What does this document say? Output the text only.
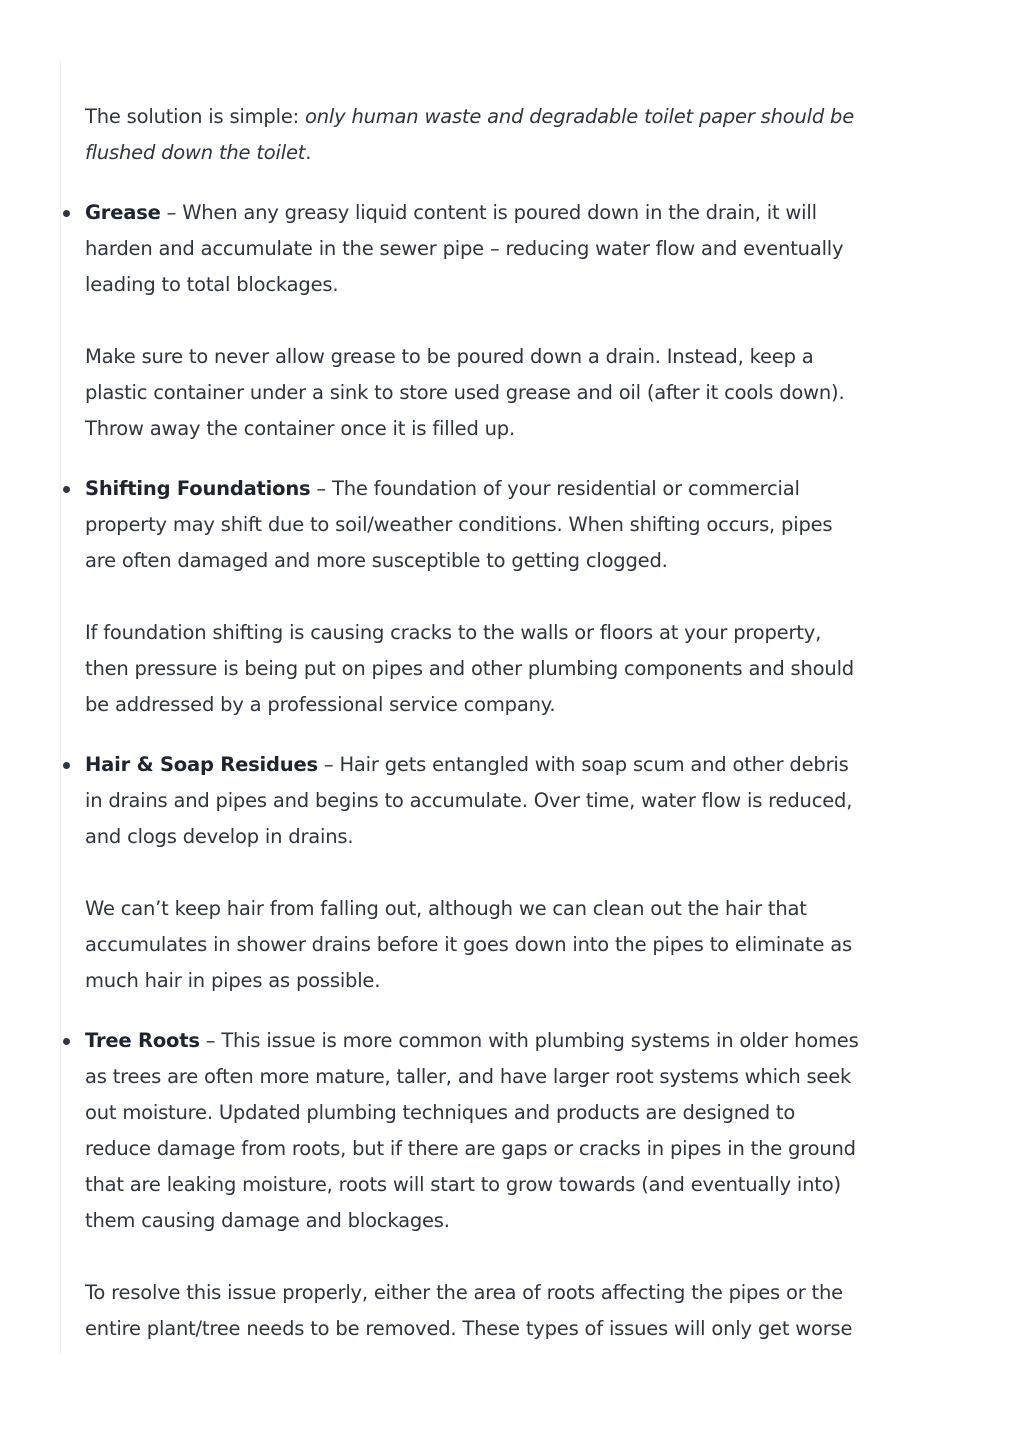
The solution is simple: only human waste and degradable toilet paper should be flushed down the toilet.

Grease – When any greasy liquid content is poured down in the drain, it will harden and accumulate in the sewer pipe – reducing water flow and eventually leading to total blockages.

Make sure to never allow grease to be poured down a drain. Instead, keep a plastic container under a sink to store used grease and oil (after it cools down). Throw away the container once it is filled up.

Shifting Foundations – The foundation of your residential or commercial property may shift due to soil/weather conditions. When shifting occurs, pipes are often damaged and more susceptible to getting clogged.

If foundation shifting is causing cracks to the walls or floors at your property, then pressure is being put on pipes and other plumbing components and should be addressed by a professional service company.

Hair & Soap Residues – Hair gets entangled with soap scum and other debris in drains and pipes and begins to accumulate. Over time, water flow is reduced, and clogs develop in drains.

We can’t keep hair from falling out, although we can clean out the hair that accumulates in shower drains before it goes down into the pipes to eliminate as much hair in pipes as possible.

Tree Roots – This issue is more common with plumbing systems in older homes as trees are often more mature, taller, and have larger root systems which seek out moisture. Updated plumbing techniques and products are designed to reduce damage from roots, but if there are gaps or cracks in pipes in the ground that are leaking moisture, roots will start to grow towards (and eventually into) them causing damage and blockages.

To resolve this issue properly, either the area of roots affecting the pipes or the entire plant/tree needs to be removed. These types of issues will only get worse
